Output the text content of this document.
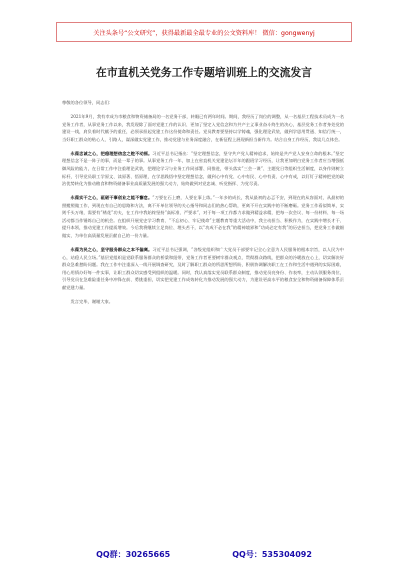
关注头条号“公文研究”，获得最新最全最专业的公文资料库！ 微信：gongwenyj
在市直机关党务工作专题培训班上的交流发言

尊敬的各位领导，同志们：

2021年9月，我有幸成为市粮食和物资储备局的一名党务干部，转眼已有两年时间。期间，我经历了岗位的调整，从一名基层工程技术员成为一名党务工作者，从事党务工作以来，我发现除了面对党建工作的认识、更加了坚定入党信念和为共产主义事业奋斗终生的决心，基层党务工作者身处党的建设一线，肩负着时代赋予的重任，必须承担起党建工作这份使命和责任。党员教育要坚持以学铸魂，强化理论武装，做到学思用贯通、知信行统一，当好职工群众的贴心人、引路人，谋深做实党建工作，推动党建与业务深度融合，在新征程上展现新担当新作为。结合自身工作经历，我谈几点体会。

永葆忠诚之心，把稳理想信念之舵不动摇。习近平总书记指出：“坚定理想信念，坚守共产党人精神追求，始终是共产党人安身立命的根本。”坚定理想信念不是一阵子的事，而是一辈子的事。从事党务工作一年，加上在省直机关党建论坛半年的跟班学习经历，让我更加明白党务工作者应当增强抵御风险的能力，在日常工作中注重理论武装，把理论学习与业务工作同部署、同推进，带头落实“三会一课”、主题党日等组织生活制度，以身作则树立标杆，引导党员职工学原文、读原著、悟原理，在学思践悟中坚定理想信念，做到心中有党、心中有民、心中有责、心中有戒，以钉钉子精神把党的政治优势转化为推动粮食和物资储备事业高质量发展的强大动力，始终做到对党忠诚、听党指挥、为党尽责。

永葆实干之心，砥砺干事创业之能不懈怠。“刀要在石上磨，人要在事上练。”一年多的成长，我从最初的忐忑不安，到现在的从容面对，从最初的照搬照做工作，到现在有自己的思路和方法，离不开单位领导的关心指导和同志们的热心帮助，更离不开在实践中的不断磨砺。党务工作看似简单，实则千头万绪，需要有“绣花”功夫，在工作中我始终坚持“高标准、严要求”，对于每一项工作都力求做到精益求精，把每一次会议、每一份材料、每一场活动都当作锤炼自己的机会。在组织开展党史学习教育、“不忘初心、牢记使命”主题教育等重大活动中，我主动担当、积极作为，在实践中增长才干、提升本领，推动党建工作提质增效。今后我将继续立足岗位、埋头苦干，以“功成不必在我”的精神境界和“功成必定有我”的历史担当，把党务工作做细做实，为单位高质量发展贡献自己的一份力量。

永葆为民之心，坚守服务群众之本不偏离。习近平总书记强调，“各级党组织和广大党员干部要牢记全心全意为人民服务的根本宗旨，以人民为中心，站稳人民立场。”基层党组织是党联系服务群众的桥梁和纽带，党务工作者更要树牢群众观点、贯彻群众路线，把群众的冷暖放在心上，切实解决好群众急难愁盼问题。我在工作中注重深入一线开展调查研究，及时了解职工群众的所思所想所盼，积极协调解决职工在工作和生活中遇到的实际困难，用心用情办好每一件实事，让职工群众切实感受到组织的温暖。同时，我认真落实党员联系群众制度，推动党员亮身份、作表率，主动认领服务岗位，引导党员在急难险重任务中冲锋在前、勇挑重担，切实把党建工作成效转化为推动发展的强大动力，为建设更高水平的粮食安全和物资储备保障体系贡献党建力量。

发言完毕，谢谢大家。

QQ群：30265665	QQ号：535304092
